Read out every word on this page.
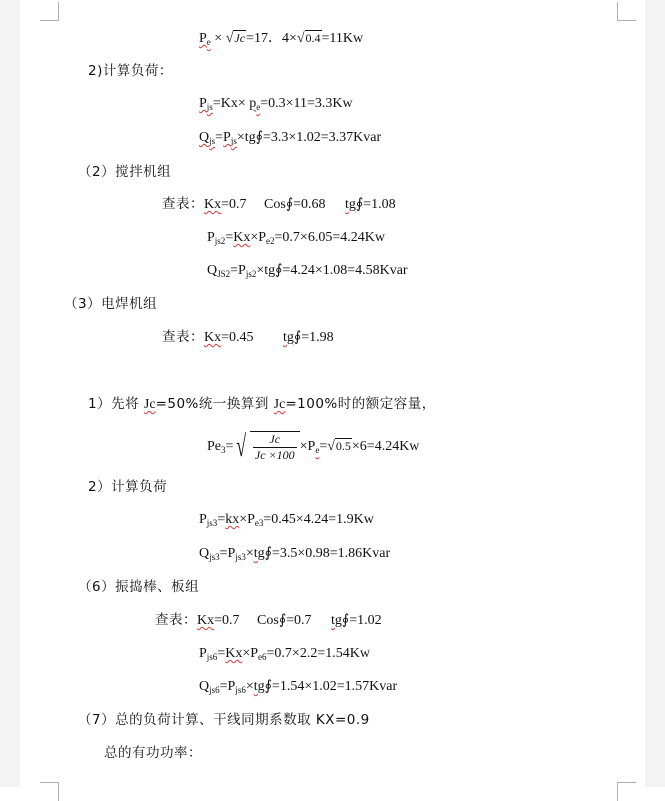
$P_e \times √Jc=17$．4×√0.4=11Kw
2)计算负荷：
$P_{js}=Kx\times p_e=0.3\times 11=3.3Kw$
$Q_{js}=P_{js}\times tg∮=3.3\times 1.02=3.37Kvar$
（2）搅拌机组
查表：Kx=0.7 Cos∮=0.68 tg∮=1.08
$P_{js2}=Kx\times P_{e2}=0.7\times 6.05=4.24Kw$
$Q_{JS2}=P_{js2}\times tg∮=4.24\times 1.08=4.58Kvar$
（3）电焊机组
查表：Kx=0.45 tg∮=1.98
1）先将 Jc=50%统一换算到 Jc=100%时的额定容量，
$Pe_3=$ √ $\frac{Jc}{Jc \times 100} \times P_e=√0.5\times 6=4.24Kw$
2）计算负荷
$P_{js3}=kx\times P_{e3}=0.45\times 4.24=1.9Kw$
$Q_{js3}=P_{js3}\times tg∮=3.5\times 0.98=1.86Kvar$
（6）振捣棒、板组
查表：Kx=0.7 Cos∮=0.7 tg∮=1.02
$P_{js6}=Kx\times P_{e6}=0.7\times 2.2=1.54Kw$
$Q_{js6}=P_{js6}\times tg∮=1.54\times 1.02=1.57Kvar$
（7）总的负荷计算、干线同期系数取 KX=0.9
总的有功功率：
